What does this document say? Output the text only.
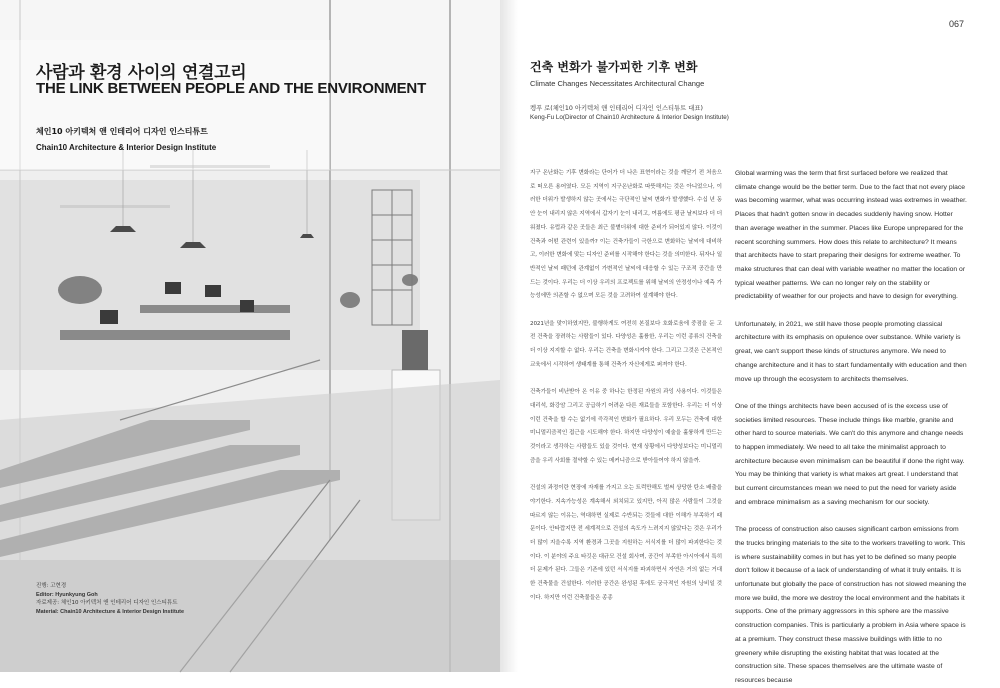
사람과 환경 사이의 연결고리
THE LINK BETWEEN PEOPLE AND THE ENVIRONMENT
체인10 아키텍처 앤 인테리어 디자인 인스티튜트
Chain10 Architecture & Interior Design Institute
진행: 고현경
Editor: Hyunkyung Goh
자료제공: 체인10 아키텍처 앤 인테리어 디자인 인스티튜트
Material: Chain10 Architecture & Interior Design Institute
067
건축 변화가 불가피한 기후 변화
Climate Changes Necessitates Architectural Change
켕푸 로(체인10 아키텍처 앤 인테리어 디자인 인스티튜트 대표)
Keng-Fu Lo(Director of Chain10 Architecture & Interior Design Institute)

지구 온난화는 기후 변화라는 단어가 더 나은 표현이라는 것을 깨닫기 전 처음으로 떠오른 용어였다. 모든 지역이 지구온난화로 따뜻해지는 것은 아니었으나, 이러한 더위가 발생하지 않는 곳에서는 극단적인 날씨 변화가 발생했다. 수십 년 동안 눈이 내리지 않은 지역에서 갑자기 눈이 내리고, 여름에도 평균 날씨보다 더 더워졌다. 유럽과 같은 곳들은 최근 불볕더위에 대한 준비가 되어있지 않다. 이것이 건축과 어떤 관련이 있을까? 이는 건축가들이 극한으로 변화하는 날씨에 대비하고, 이러한 변화에 맞는 디자인 준비를 시작해야 한다는 것을 의미한다. 뒤자나 일반적인 날씨 패턴에 관계없이 가변적인 날씨에 대응할 수 있는 구조적 공간을 만드는 것이다. 우리는 더 이상 우리의 프로젝트를 위해 날씨의 안정성이나 예측 가능성에만 의존할 수 없으며 모든 것을 고려하여 설계해야 한다.

2021년을 맞이하였지만, 불행하게도 여전히 본질보다 호화로움에 중점을 둔 고전 건축을 장려하는 사람들이 있다. 다양성은 훌륭한, 우리는 이런 종류의 건축을 더 이상 지지할 수 없다. 우리는 건축을 변화시켜야 한다. 그리고 그것은 근본적인 교육에서 시작하여 생태계를 통해 건축가 자신에게로 퍼져야 한다.

건축가들이 비난받아 온 이유 중 하나는 한정된 자원의 과잉 사용이다. 이것들은 대리석, 화강암 그리고 공급하기 어려운 다른 재료들을 포함한다. 우리는 더 이상 이런 건축을 할 수는 없기에 즉각적인 변화가 필요하다. 우리 모두는 건축에 대한 미니멀리즘적인 접근을 시도해야 한다. 하지만 다양성이 예술을 훌륭하게 만드는 것이라고 생각하는 사람들도 있을 것이다. 현재 상황에서 다양성보다는 미니멀리즘을 우리 사회를 절약할 수 있는 메커니즘으로 받아들여야 하지 않을까.

건설의 과정이란 현장에 자재를 가지고 오는 트럭만해도 벌써 상당한 탄소 배출을 야기한다. 지속가능성은 계속해서 외치되고 있지만, 아직 많은 사람들이 그것을 따르지 않는 이유는, 역대하면 실제로 수반되는 것들에 대한 이해가 부족하기 때문이다. 안타깝지만 전 세계적으로 건설의 속도가 느려지지 않았다는 것은 우리가 더 많이 지을수록 지역 환경과 그곳을 지원하는 서식지를 더 많이 파괴한다는 것이다. 이 분야의 주요 타깃은 대규모 건설 회사며, 공간이 부족한 아시아에서 특히 더 문제가 된다. 그들은 기존에 있던 서식지를 파괴하면서 자연은 거의 없는 거대한 건축물을 건설한다. 이러한 공간은 완성된 후에도 궁극적인 자원의 낭비일 것이다. 하지만 이런 건축물들은 종종

Global warming was the term that first surfaced before we realized that climate change would be the better term. Due to the fact that not every place was becoming warmer, what was occurring instead was extremes in weather. Places that hadn't gotten snow in decades suddenly having snow. Hotter than average weather in the summer. Places like Europe unprepared for the recent scorching summers. How does this relate to architecture? It means that architects have to start preparing their designs for extreme weather. To make structures that can deal with variable weather no matter the location or typical weather patterns. We can no longer rely on the stability or predictability of weather for our projects and have to design for everything.

Unfortunately, in 2021, we still have those people promoting classical architecture with its emphasis on opulence over substance. While variety is great, we can't support these kinds of structures anymore. We need to change architecture and it has to start fundamentally with education and then move up through the ecosystem to architects themselves.

One of the things architects have been accused of is the excess use of societies limited resources. These include things like marble, granite and other hard to source materials. We can't do this anymore and change needs to happen immediately. We need to all take the minimalist approach to architecture because even minimalism can be beautiful if done the right way. You may be thinking that variety is what makes art great. I understand that but current circumstances mean we need to put the need for variety aside and embrace minimalism as a saving mechanism for our society.

The process of construction also causes significant carbon emissions from the trucks bringing materials to the site to the workers travelling to work. This is where sustainability comes in but has yet to be defined so many people don't follow it because of a lack of understanding of what it truly entails. It is unfortunate but globally the pace of construction has not slowed meaning the more we build, the more we destroy the local environment and the habitats it supports. One of the primary aggressors in this sphere are the massive construction companies. This is particularly a problem in Asia where space is at a premium. They construct these massive buildings with little to no greenery while disrupting the existing habitat that was located at the construction site. These spaces themselves are the ultimate waste of resources because
